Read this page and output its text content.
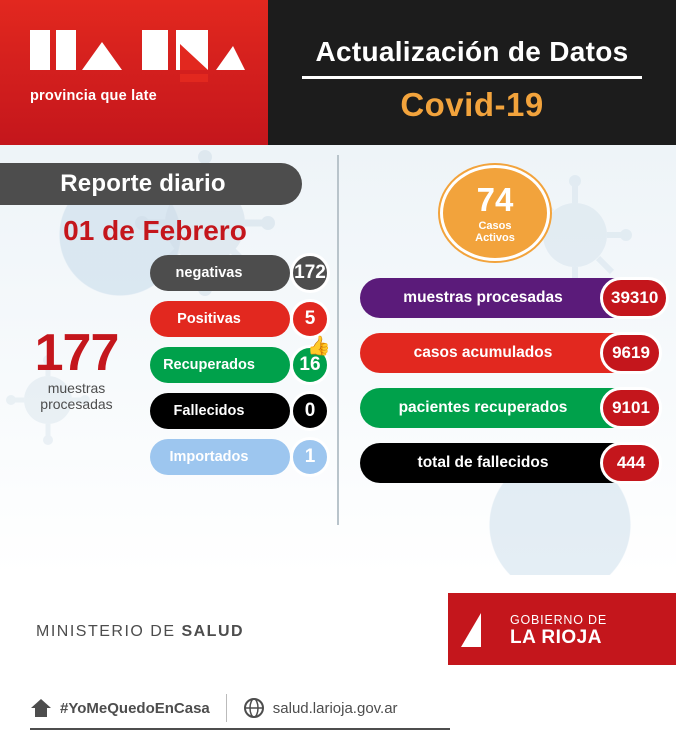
provincia que late
Actualización de Datos
Covid-19
Reporte diario
01 de Febrero
177
muestras
procesadas
negativas	172
Positivas	5
Recuperados 16
👍
Fallecidos	0
Importados	1
74
Casos
Activos
muestras procesadas	39310
casos acumulados	9619
pacientes recuperados	9101
total de fallecidos	444
#YoMeQuedoEnCasa	salud.larioja.gov.ar
MINISTERIO DE SALUD
GOBIERNO DE
LA RIOJA
